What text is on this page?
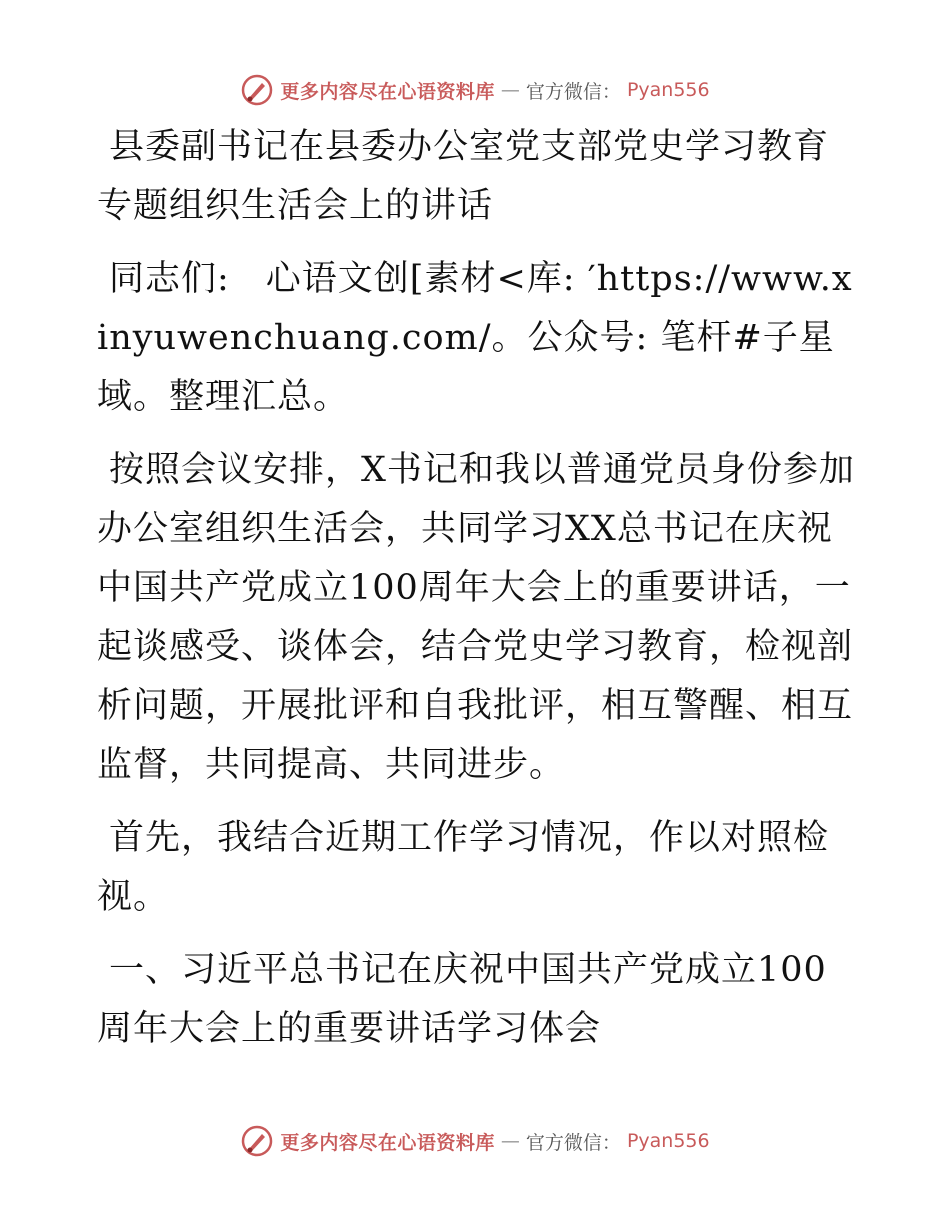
更多内容尽在心语资料库 — 官方微信： Pyan556

县委副书记在县委办公室党支部党史学习教育专题组织生活会上的讲话

同志们:　心语文创[素材<库: ′https://www.xinyuwenchuang.com/。公众号: 笔杆#子星域。整理汇总。

按照会议安排，X书记和我以普通党员身份参加办公室组织生活会，共同学习XX总书记在庆祝中国共产党成立100周年大会上的重要讲话，一起谈感受、谈体会，结合党史学习教育，检视剖析问题，开展批评和自我批评，相互警醒、相互监督，共同提高、共同进步。

首先，我结合近期工作学习情况，作以对照检视。

一、习近平总书记在庆祝中国共产党成立100周年大会上的重要讲话学习体会

更多内容尽在心语资料库 — 官方微信： Pyan556
